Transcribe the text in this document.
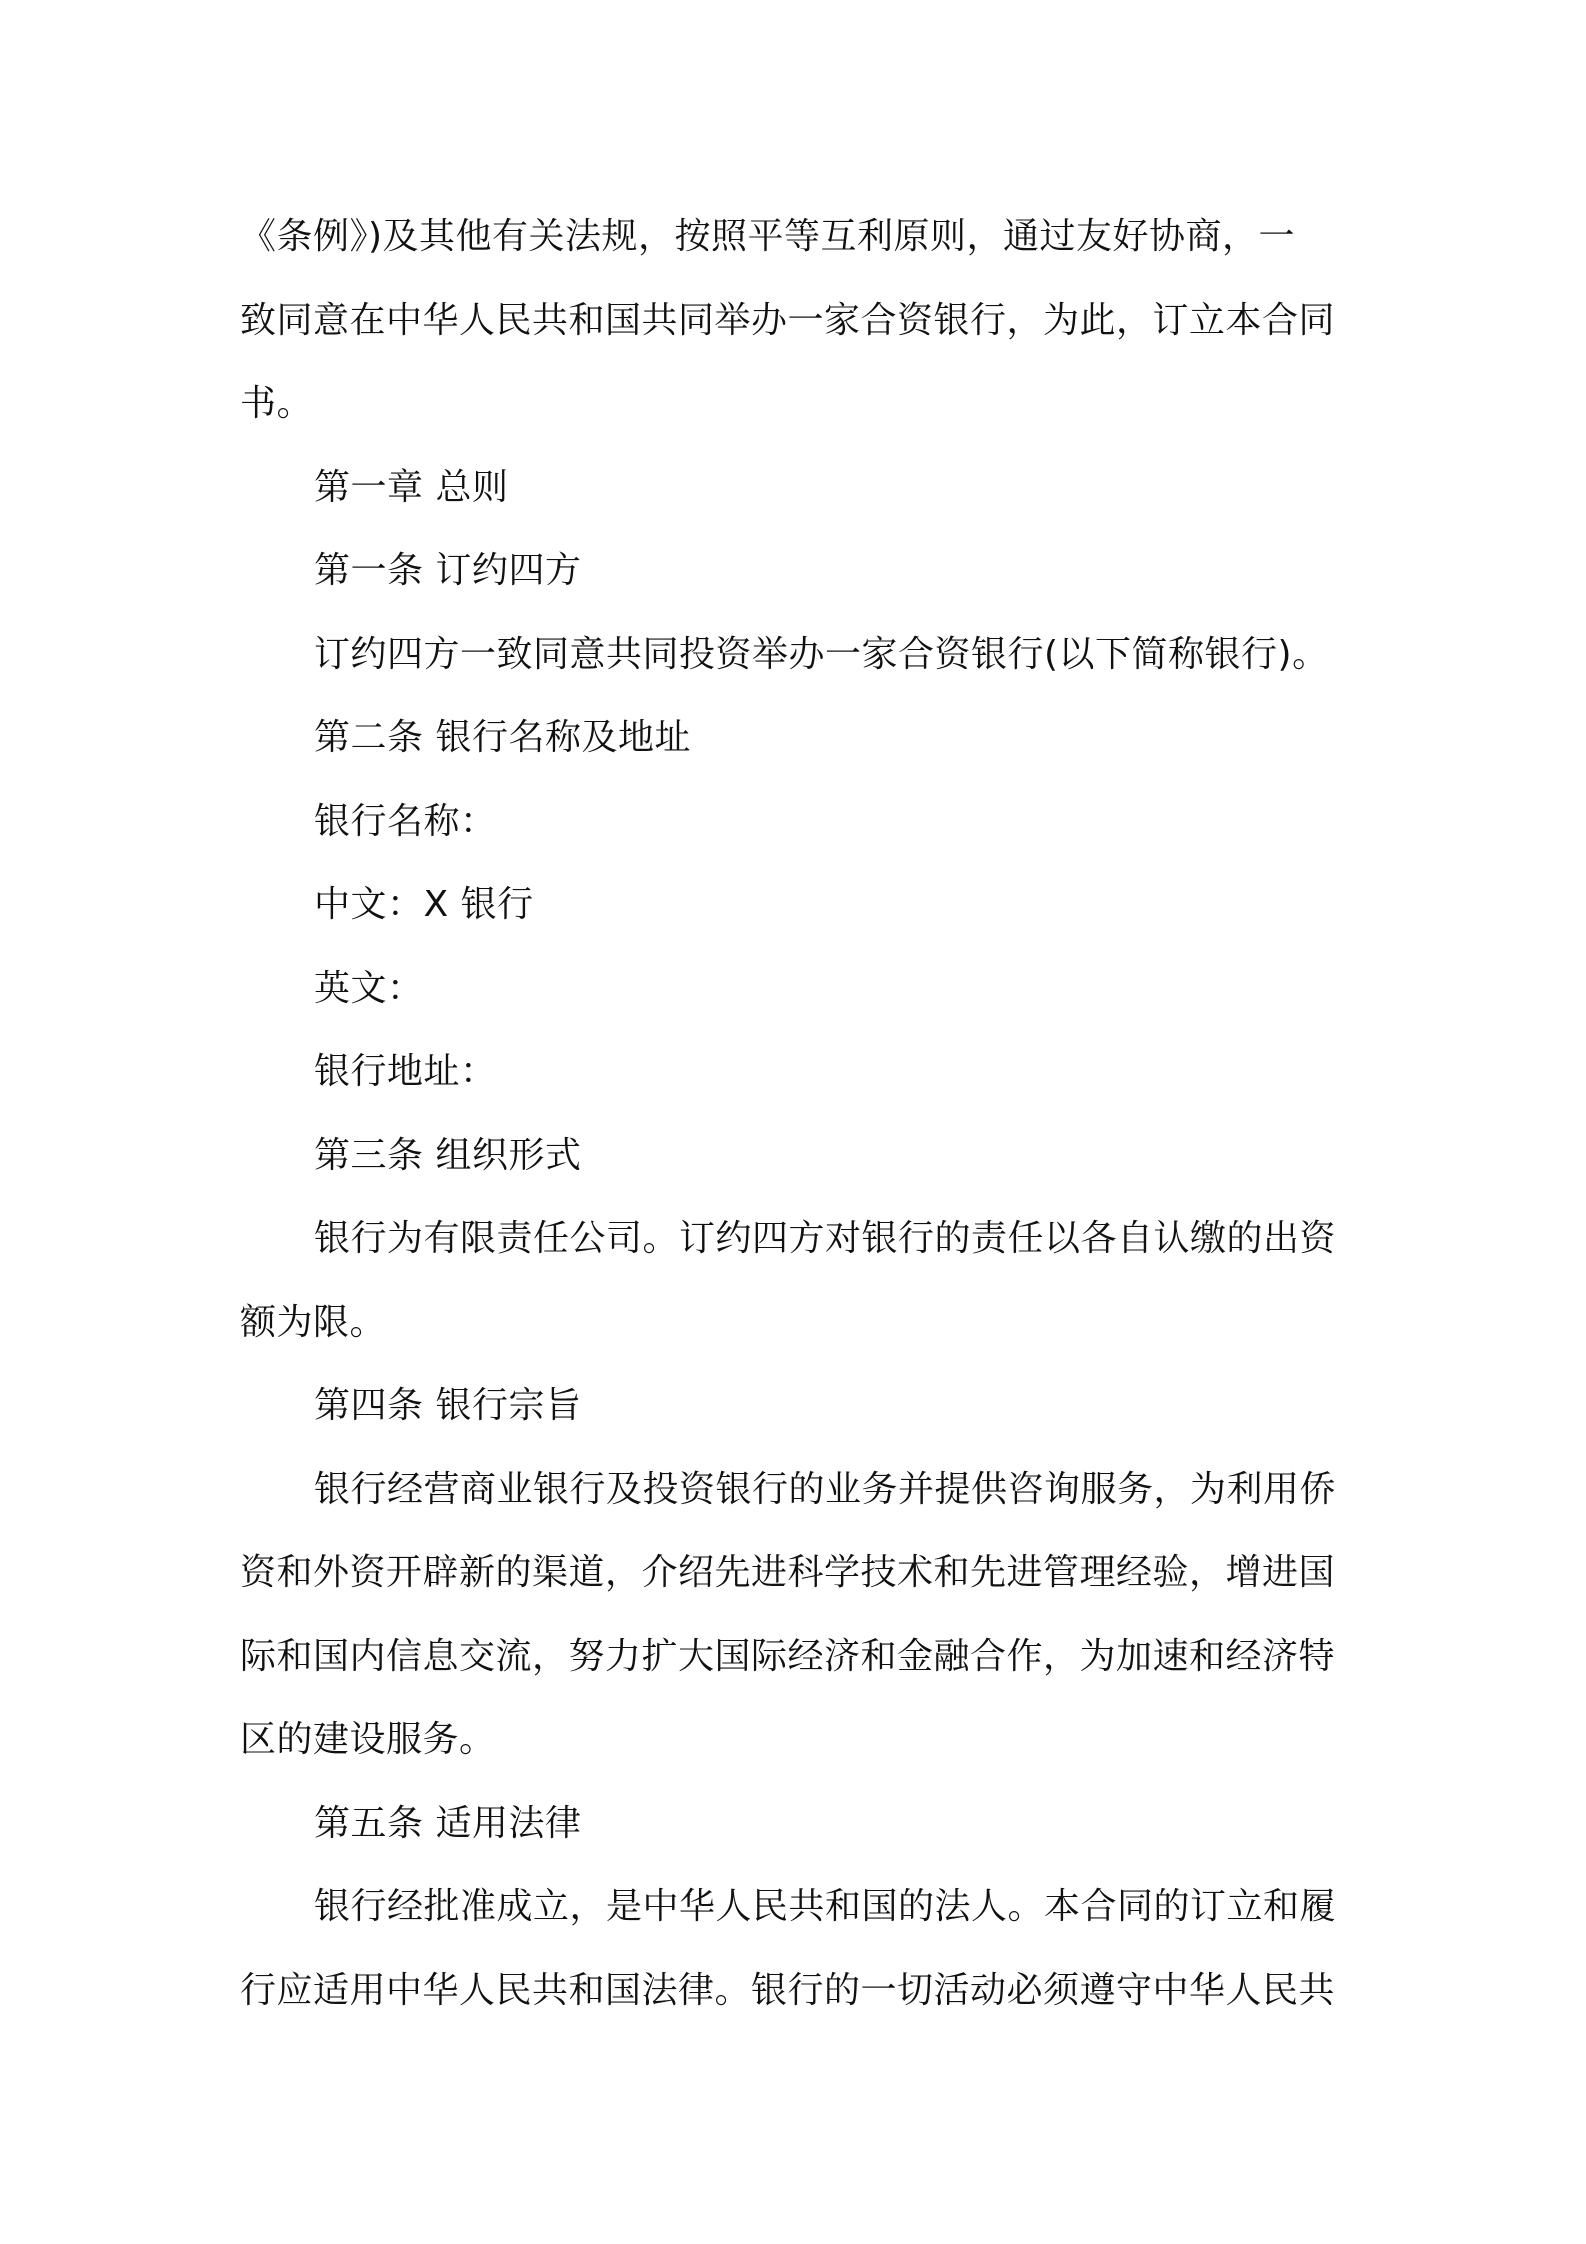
《条例》)及其他有关法规，按照平等互利原则，通过友好协商，一
致同意在中华人民共和国共同举办一家合资银行，为此，订立本合同
书。
第一章 总则
第一条 订约四方
订约四方一致同意共同投资举办一家合资银行(以下简称银行)。
第二条 银行名称及地址
银行名称：
中文：X 银行
英文：
银行地址：
第三条 组织形式
银行为有限责任公司。订约四方对银行的责任以各自认缴的出资
额为限。
第四条 银行宗旨
银行经营商业银行及投资银行的业务并提供咨询服务，为利用侨
资和外资开辟新的渠道，介绍先进科学技术和先进管理经验，增进国
际和国内信息交流，努力扩大国际经济和金融合作，为加速和经济特
区的建设服务。
第五条 适用法律
银行经批准成立，是中华人民共和国的法人。本合同的订立和履
行应适用中华人民共和国法律。银行的一切活动必须遵守中华人民共
